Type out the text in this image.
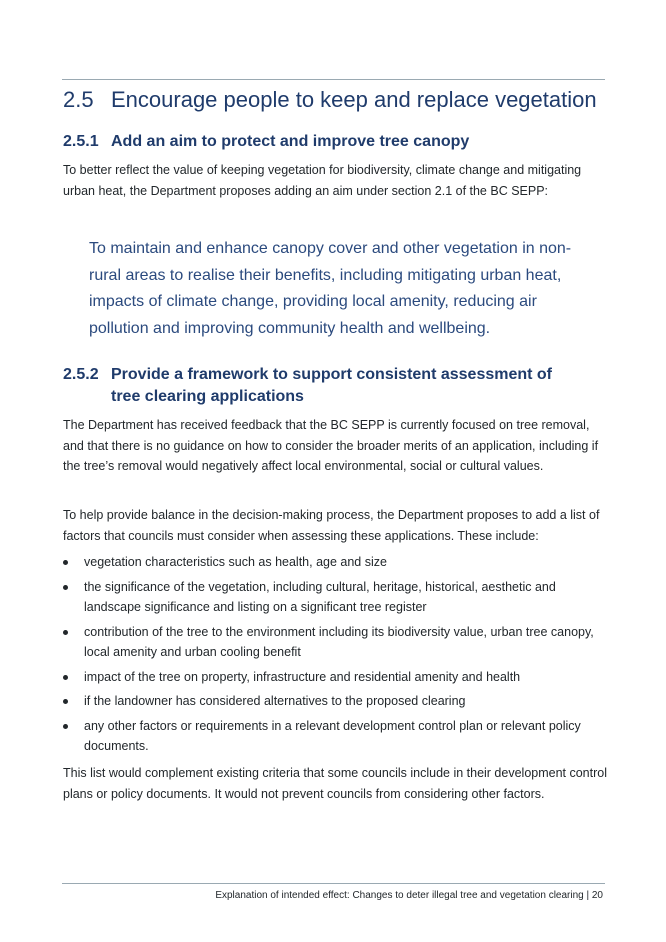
2.5 Encourage people to keep and replace vegetation
2.5.1 Add an aim to protect and improve tree canopy
To better reflect the value of keeping vegetation for biodiversity, climate change and mitigating urban heat, the Department proposes adding an aim under section 2.1 of the BC SEPP:
To maintain and enhance canopy cover and other vegetation in non-rural areas to realise their benefits, including mitigating urban heat, impacts of climate change, providing local amenity, reducing air pollution and improving community health and wellbeing.
2.5.2 Provide a framework to support consistent assessment of tree clearing applications
The Department has received feedback that the BC SEPP is currently focused on tree removal, and that there is no guidance on how to consider the broader merits of an application, including if the tree’s removal would negatively affect local environmental, social or cultural values.
To help provide balance in the decision-making process, the Department proposes to add a list of factors that councils must consider when assessing these applications. These include:
vegetation characteristics such as health, age and size
the significance of the vegetation, including cultural, heritage, historical, aesthetic and landscape significance and listing on a significant tree register
contribution of the tree to the environment including its biodiversity value, urban tree canopy, local amenity and urban cooling benefit
impact of the tree on property, infrastructure and residential amenity and health
if the landowner has considered alternatives to the proposed clearing
any other factors or requirements in a relevant development control plan or relevant policy documents.
This list would complement existing criteria that some councils include in their development control plans or policy documents. It would not prevent councils from considering other factors.
Explanation of intended effect: Changes to deter illegal tree and vegetation clearing | 20
